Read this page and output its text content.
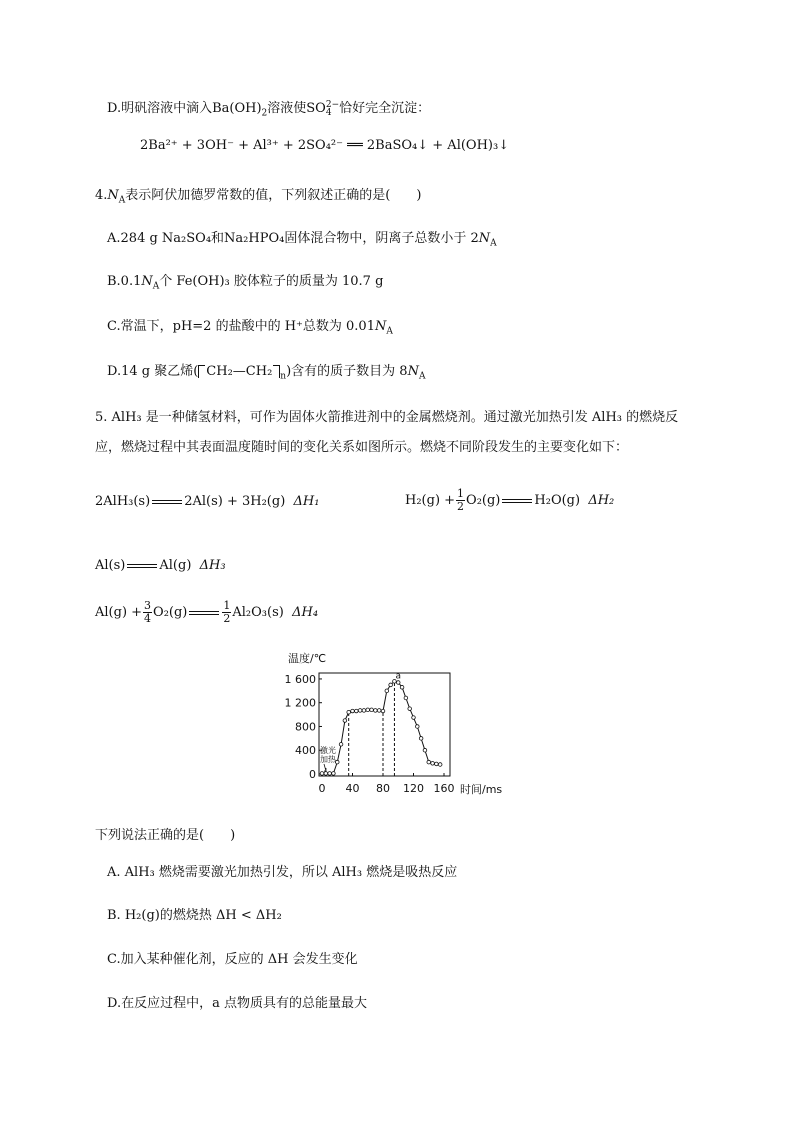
D.明矾溶液中滴入$Ba(OH)_2$溶液使SO 2−
4 恰好完全沉淀：
2Ba²⁺ + 3OH⁻ + Al³⁺ + 2SO₄²⁻ ══ 2BaSO₄↓ + Al(OH)₃↓
$4.N_A$表示阿伏加德罗常数的值，下列叙述正确的是(　　)
A.284 g Na₂SO₄和Na₂HPO₄固体混合物中，阴离子总数小于 $2N_A$
$B.0.1N_A$个 Fe(OH)₃ 胶体粒子的质量为 10.7 g
C.常温下，pH=2 的盐酸中的 H⁺总数为 $0.01N_A$
D.14 g 聚乙烯( CH₂—CH₂ $_n$)含有的质子数目为 $8N_A$
5. AlH₃ 是一种储氢材料，可作为固体火箭推进剂中的金属燃烧剂。通过激光加热引发 AlH₃ 的燃烧反
应，燃烧过程中其表面温度随时间的变化关系如图所示。燃烧不同阶段发生的主要变化如下：
2AlH₃(s)	2Al(s) + 3H₂(g) ΔH₁	$H_2(g) + \frac{1}{2} O_2(g)$	H₂O(g) ΔH₂
Al(s)	Al(g) ΔH₃
$Al(g) + \frac{3}{4} O_2(g)$	$\frac{1}{2} Al_2O_3(s)$ ΔH₄
温度/℃
时间/ms
1 600
1 200
800
400
0
0 40 80 120 160
激光
加热
a
下列说法正确的是(　　)
A. AlH₃ 燃烧需要激光加热引发，所以 AlH₃ 燃烧是吸热反应
B. H₂(g)的燃烧热 ΔH < ΔH₂
C.加入某种催化剂，反应的 ΔH 会发生变化
D.在反应过程中，a 点物质具有的总能量最大
